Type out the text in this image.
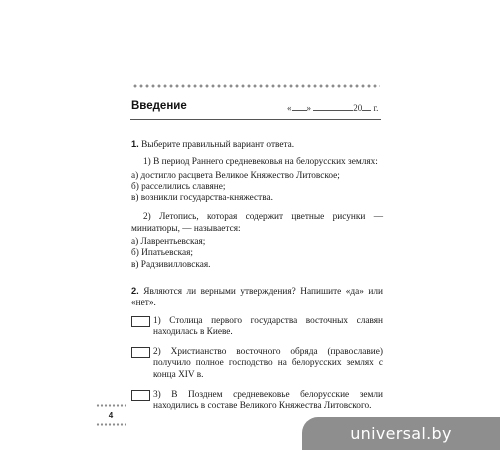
Введение	« »	20 г.

1. Выберите правильный вариант ответа.

1) В период Раннего средневековья на белорусских землях:

а) достигло расцвета Великое Княжество Литовское;

б) расселились славяне;

в) возникли государства-княжества.

2) Летопись, которая содержит цветные рисунки — миниатюры, — называется:

а) Лаврентьевская;

б) Ипатьевская;

в) Радзивилловская.

2. Являются ли верными утверждения? Напишите «да» или «нет».

1) Столица первого государства восточных славян находилась в Киеве.
2) Христианство восточного обряда (православие) получило полное господство на белорусских землях с конца XIV в.
3) В Позднем средневековье белорусские земли находились в составе Великого Княжества Литовского.
4
universal.by
